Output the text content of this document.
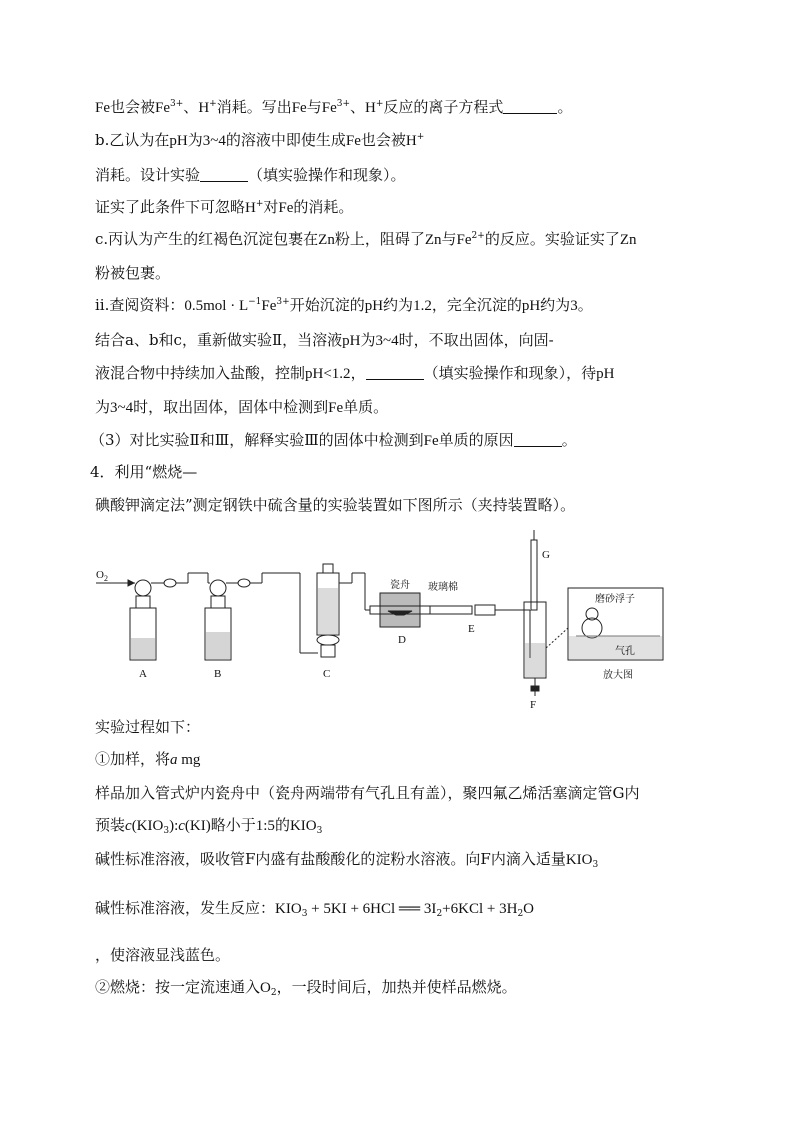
Fe也会被$Fe^{3+}$、H+消耗。写出Fe与$Fe^{3+}$、H+反应的离子方程式	。
b.乙认为在pH为3~4的溶液中即使生成Fe也会被H+
消耗。设计实验	（填实验操作和现象）。
证实了此条件下可忽略H+对Fe的消耗。
c.丙认为产生的红褐色沉淀包裹在Zn粉上，阻碍了Zn与$Fe^{2+}$的反应。实验证实了Zn
粉被包裹。
ⅱ.查阅资料：$0.5mol \cdot L^{-1}Fe^{3+}$开始沉淀的pH约为1.2，完全沉淀的pH约为3。
结合a、b和c，重新做实验Ⅱ，当溶液pH为3~4时，不取出固体，向固-
液混合物中持续加入盐酸，控制pH<1.2，	（填实验操作和现象），待pH
为3~4时，取出固体，固体中检测到Fe单质。
（3）对比实验Ⅱ和Ⅲ，解释实验Ⅲ的固体中检测到Fe单质的原因	。
4．利用“燃烧—
碘酸钾滴定法”测定钢铁中硫含量的实验装置如下图所示（夹持装置略）。
$O_2$
A	B	C
D
E
F
G
瓷舟 玻璃棉
磨砂浮子
气孔
放大图
实验过程如下：
①加样，将a mg
样品加入管式炉内瓷舟中（瓷舟两端带有气孔且有盖），聚四氟乙烯活塞滴定管G内
预装$c(KIO_3):c(KI)$略小于1:5的$KIO_3$
碱性标准溶液，吸收管F内盛有盐酸酸化的淀粉水溶液。向F内滴入适量$KIO_3$
碱性标准溶液，发生反应：$KIO_3 + 5KI + 6HCl$ ══ $3I_2+6KCl + 3H_2O$
，使溶液显浅蓝色。
②燃烧：按一定流速通入$O_2$，一段时间后，加热并使样品燃烧。
